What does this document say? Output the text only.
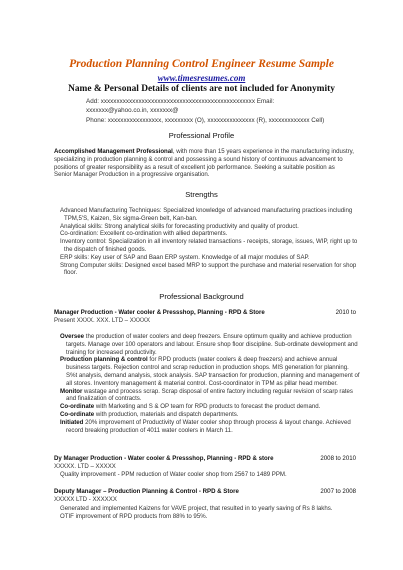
Production Planning Control Engineer Resume Sample
www.timesresumes.com
Name & Personal Details of clients are not included for Anonymity
Add: xxxxxxxxxxxxxxxxxxxxxxxxxxxxxxxxxxxxxxxxxxxxxxxxx Email:
xxxxxxx@yahoo.co.in, xxxxxxx@
Phone: xxxxxxxxxxxxxxxxx, xxxxxxxxx (O), xxxxxxxxxxxxxxx (R), xxxxxxxxxxxxx Cell)
Professional Profile
Accomplished Management Professional, with more than 15 years experience in the manufacturing industry, specializing in production planning & control and possessing a sound history of continuous advancement to positions of greater responsibility as a result of excellent job performance. Seeking a suitable position as Senior Manager Production in a progressive organisation.
Strengths
Advanced Manufacturing Techniques: Specialized knowledge of advanced manufacturing practices including TPM,5'S, Kaizen, Six sigma-Green belt, Kan-ban.
Analytical skills: Strong analytical skills for forecasting productivity and quality of product.
Co-ordination: Excellent co-ordination with allied departments.
Inventory control: Specialization in all inventory related transactions - receipts, storage, issues, WIP, right up to the dispatch of finished goods.
ERP skills: Key user of SAP and Baan ERP system. Knowledge of all major modules of SAP.
Strong Computer skills: Designed excel based MRP to support the purchase and material reservation for shop floor.
Professional Background
Manager Production - Water cooler & Pressshop, Planning - RPD & Store	2010 to
Present XXXX. XXX. LTD – XXXXX
Oversee the production of water coolers and deep freezers. Ensure optimum quality and achieve production targets. Manage over 100 operators and labour. Ensure shop floor discipline. Sub-ordinate development and training for increased productivity.
Production planning & control for RPD products (water coolers & deep freezers) and achieve annual business targets. Rejection control and scrap reduction in production shops. MIS generation for planning. S%t analysis, demand analysis, stock analysis. SAP transaction for production, planning and management of all stores. Inventory management & material control. Cost-coordinator in TPM as pillar head member.
Monitor wastage and process scrap. Scrap disposal of entire factory including regular revision of scarp rates and finalization of contracts.
Co-ordinate with Marketing and S & OP team for RPD products to forecast the product demand.
Co-ordinate with production, materials and dispatch departments.
Initiated 20% improvement of Productivity of Water cooler shop through process & layout change. Achieved record breaking production of 4011 water coolers in March 11.
Dy Manager Production - Water cooler & Pressshop, Planning - RPD & store	2008 to 2010
XXXXX. LTD – XXXXX
Quality improvement - PPM reduction of Water cooler shop from 2567 to 1489 PPM.
Deputy Manager – Production Planning & Control - RPD & Store	2007 to 2008
XXXXX LTD - XXXXXX
Generated and implemented Kaizens for VAVE project, that resulted in to yearly saving of Rs 8 lakhs.
OTIF improvement of RPD products from 88% to 95%.
